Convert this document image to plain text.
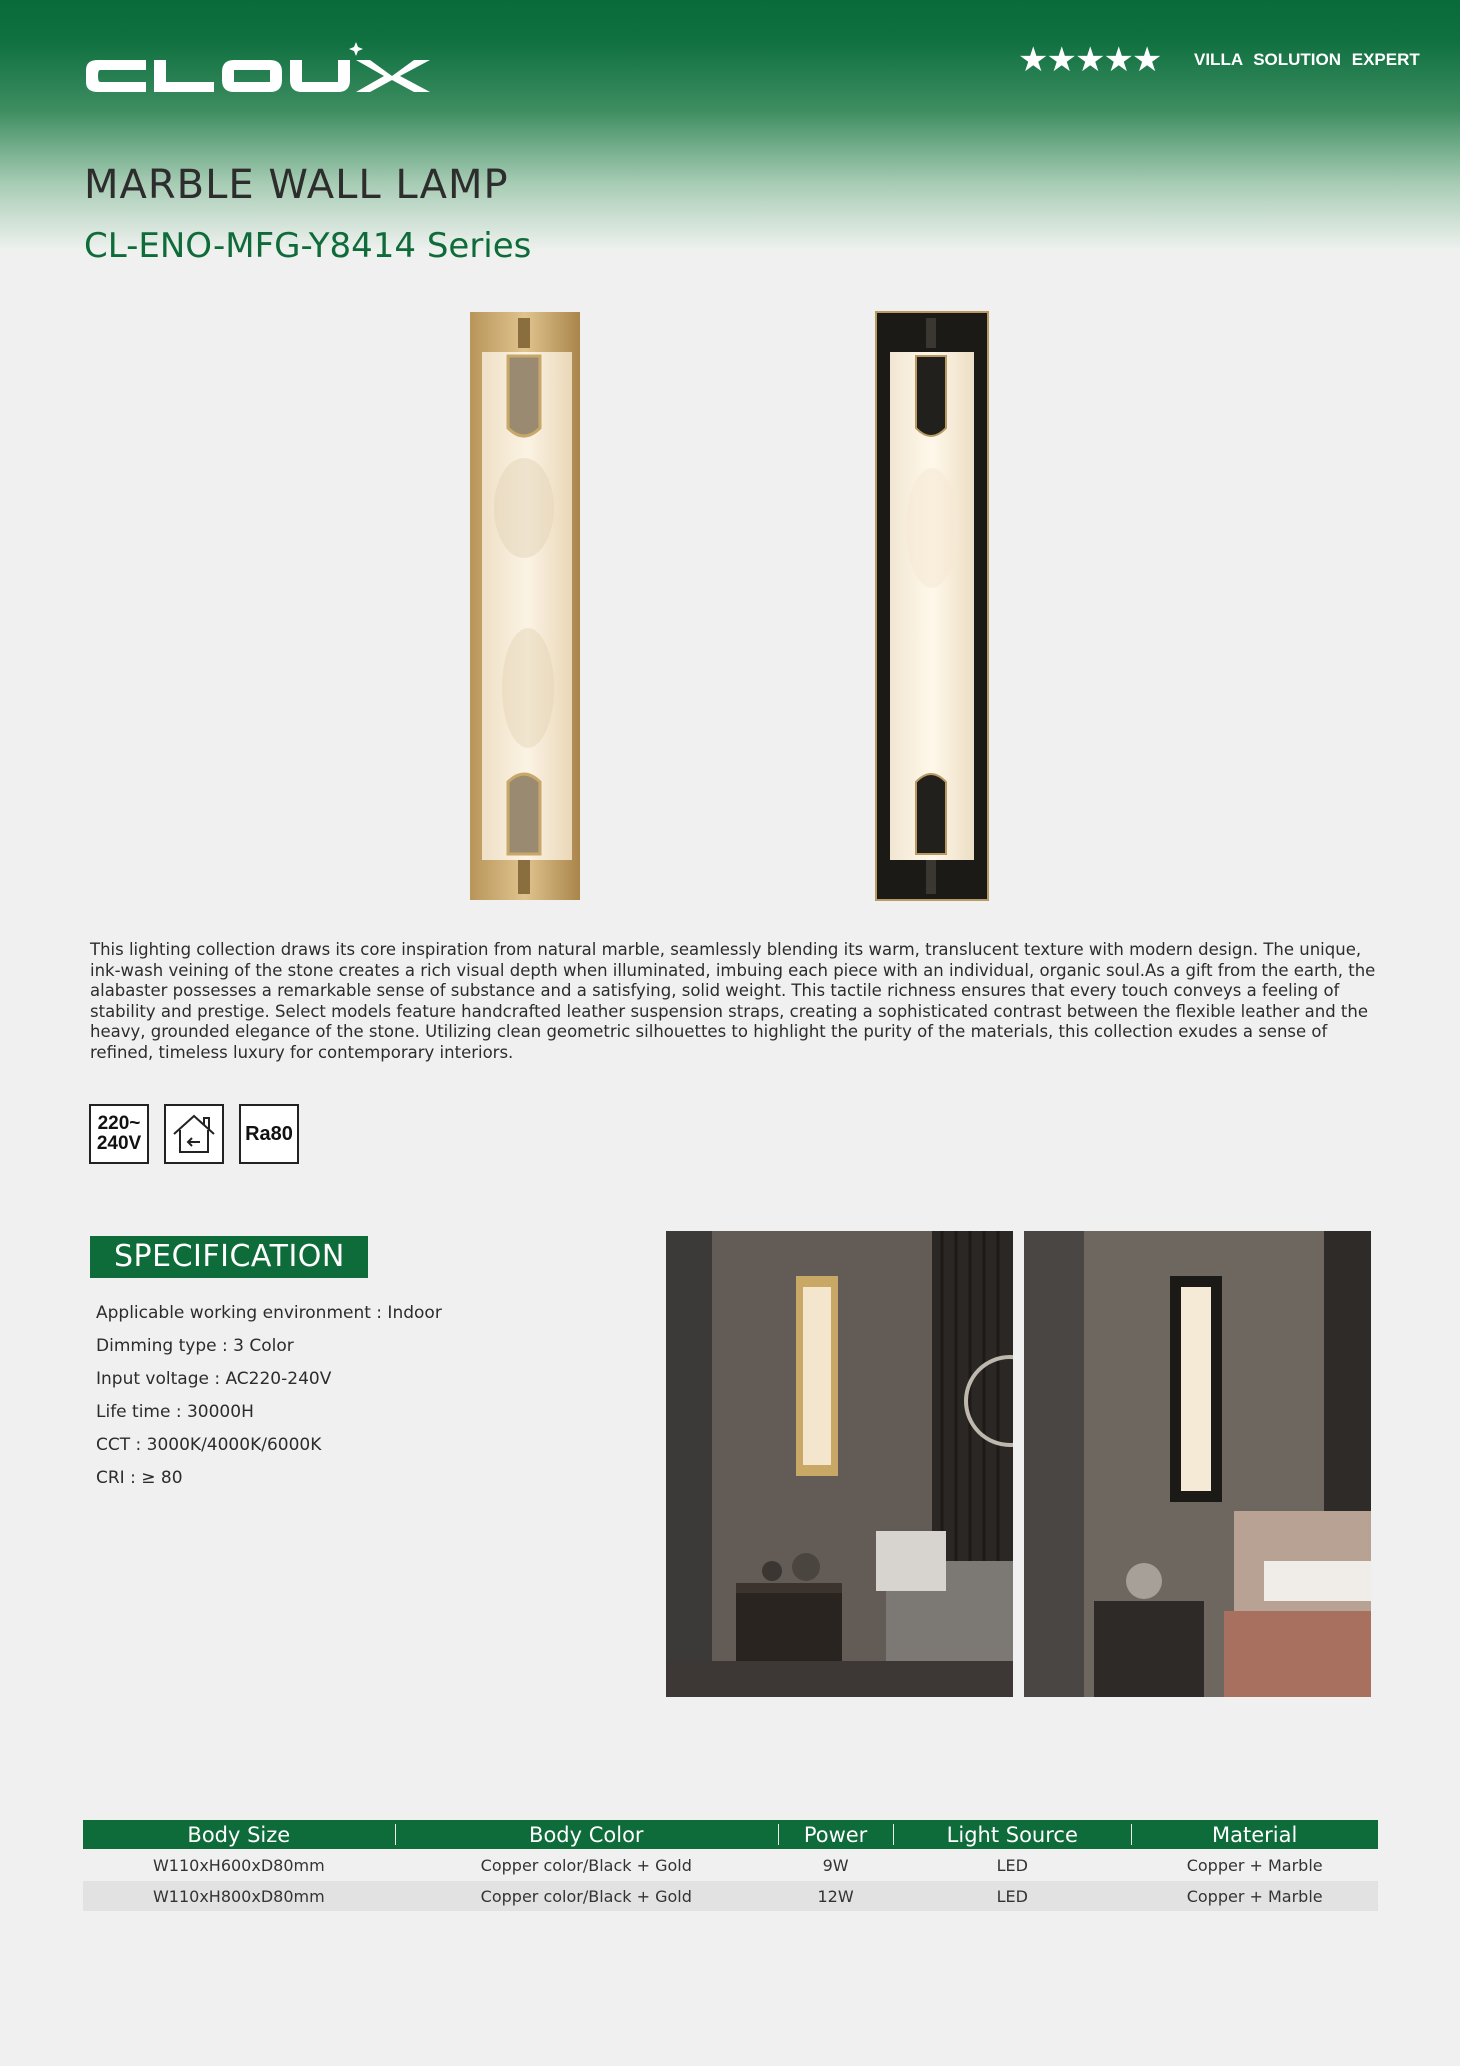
★★★★★ VILLA SOLUTION EXPERT
MARBLE WALL LAMP
CL-ENO-MFG-Y8414 Series
This lighting collection draws its core inspiration from natural marble, seamlessly blending its warm, translucent texture with modern design. The unique, ink-wash veining of the stone creates a rich visual depth when illuminated, imbuing each piece with an individual, organic soul.As a gift from the earth, the alabaster possesses a remarkable sense of substance and a satisfying, solid weight. This tactile richness ensures that every touch conveys a feeling of stability and prestige. Select models feature handcrafted leather suspension straps, creating a sophisticated contrast between the flexible leather and the heavy, grounded elegance of the stone. Utilizing clean geometric silhouettes to highlight the purity of the materials, this collection exudes a sense of refined, timeless luxury for contemporary interiors.
220~
240V	Ra80
SPECIFICATION
Applicable working environment : Indoor
Dimming type : 3 Color
Input voltage : AC220-240V
Life time : 30000H
CCT : 3000K/4000K/6000K
CRI : ≥ 80
Body Size	Body Color	Power	Light Source	Material
W110xH600xD80mm	Copper color/Black + Gold	9W	LED	Copper + Marble
W110xH800xD80mm	Copper color/Black + Gold	12W	LED	Copper + Marble
